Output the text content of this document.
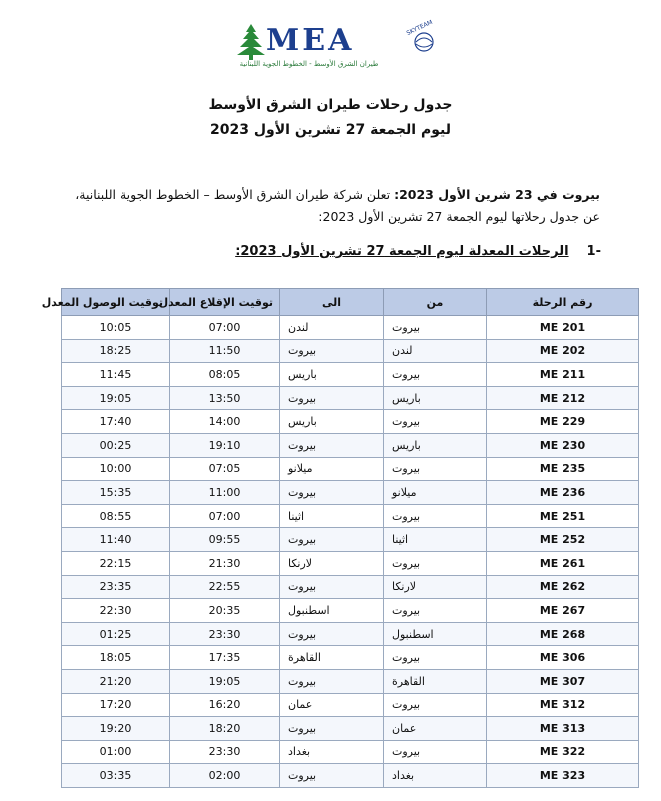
MEA
طيران الشرق الأوسط - الخطوط الجوية اللبنانية
SKYTEAM
جدول رحلات طيران الشرق الأوسط
ليوم الجمعة 27 تشرين الأول 2023
بيروت في 23 شرين الأول 2023: تعلن شركة طيران الشرق الأوسط – الخطوط الجوية اللبنانية، عن جدول رحلاتها ليوم الجمعة 27 تشرين الأول 2023:
-1الرحلات المعدلة ليوم الجمعة 27 تشرين الأول 2023:
رقم الرحلة	من	الى	توقيت الإقلاع المعدل	توقيت الوصول المعدل
ME 201	بيروت	لندن	07:00	10:05
ME 202	لندن	بيروت	11:50	18:25
ME 211	بيروت	باريس	08:05	11:45
ME 212	باريس	بيروت	13:50	19:05
ME 229	بيروت	باريس	14:00	17:40
ME 230	باريس	بيروت	19:10	00:25
ME 235	بيروت	ميلانو	07:05	10:00
ME 236	ميلانو	بيروت	11:00	15:35
ME 251	بيروت	اثينا	07:00	08:55
ME 252	اثينا	بيروت	09:55	11:40
ME 261	بيروت	لارنكا	21:30	22:15
ME 262	لارنكا	بيروت	22:55	23:35
ME 267	بيروت	اسطنبول	20:35	22:30
ME 268	اسطنبول	بيروت	23:30	01:25
ME 306	بيروت	القاهرة	17:35	18:05
ME 307	القاهرة	بيروت	19:05	21:20
ME 312	بيروت	عمان	16:20	17:20
ME 313	عمان	بيروت	18:20	19:20
ME 322	بيروت	بغداد	23:30	01:00
ME 323	بغداد	بيروت	02:00	03:35
